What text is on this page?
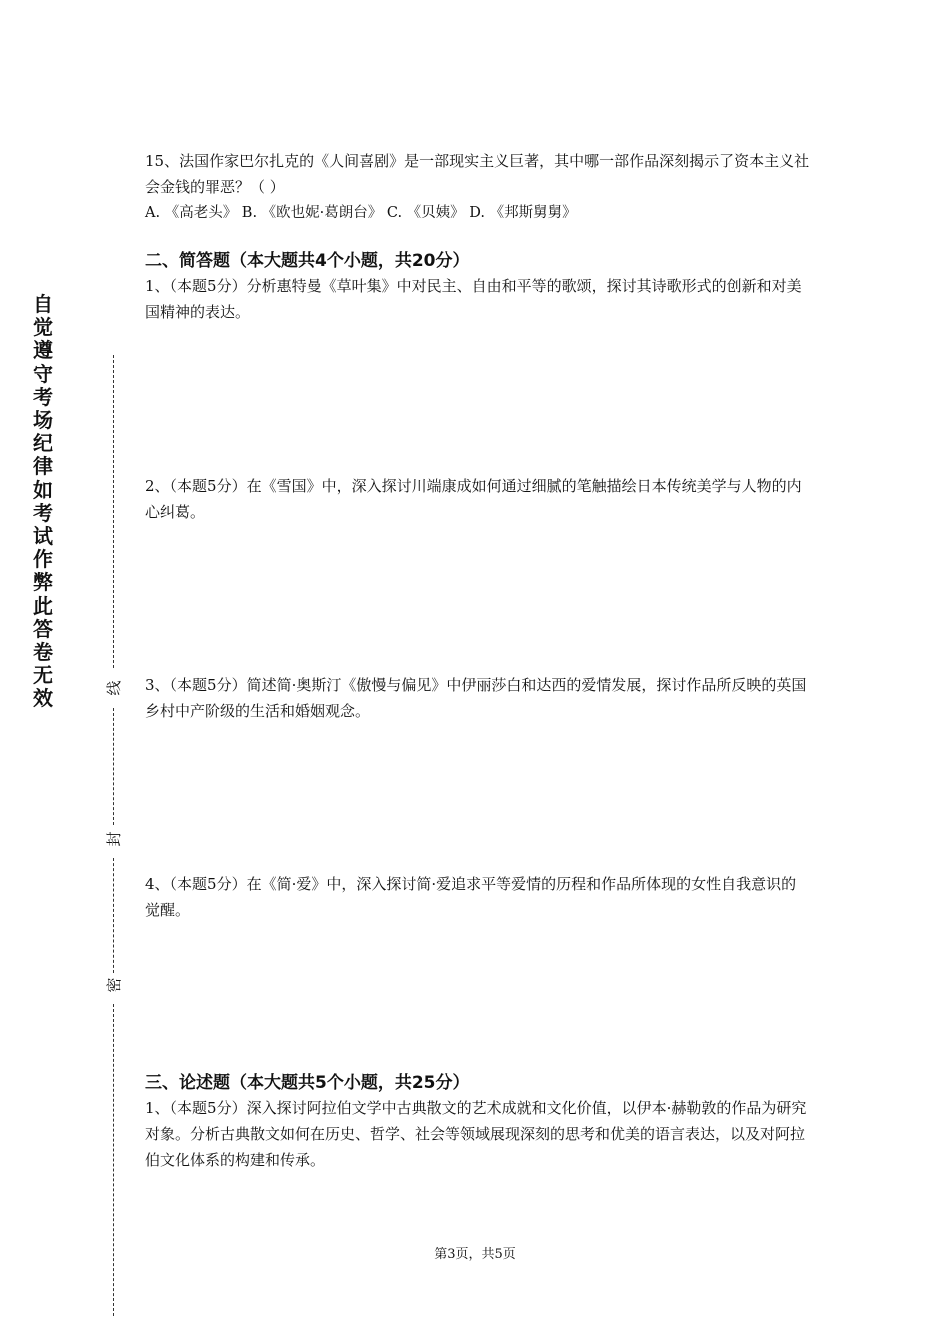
自觉遵守考场纪律如考试作弊此答卷无效	线
封
密

15、法国作家巴尔扎克的《人间喜剧》是一部现实主义巨著，其中哪一部作品深刻揭示了资本主义社会金钱的罪恶？（ ）

A. 《高老头》 B. 《欧也妮·葛朗台》 C. 《贝姨》 D. 《邦斯舅舅》

二、简答题（本大题共4个小题，共20分）

1、（本题5分）分析惠特曼《草叶集》中对民主、自由和平等的歌颂，探讨其诗歌形式的创新和对美国精神的表达。

2、（本题5分）在《雪国》中，深入探讨川端康成如何通过细腻的笔触描绘日本传统美学与人物的内心纠葛。

3、（本题5分）简述简·奥斯汀《傲慢与偏见》中伊丽莎白和达西的爱情发展，探讨作品所反映的英国乡村中产阶级的生活和婚姻观念。

4、（本题5分）在《简·爱》中，深入探讨简·爱追求平等爱情的历程和作品所体现的女性自我意识的觉醒。

三、论述题（本大题共5个小题，共25分）

1、（本题5分）深入探讨阿拉伯文学中古典散文的艺术成就和文化价值，以伊本·赫勒敦的作品为研究对象。分析古典散文如何在历史、哲学、社会等领域展现深刻的思考和优美的语言表达，以及对阿拉伯文化体系的构建和传承。

第3页，共5页
